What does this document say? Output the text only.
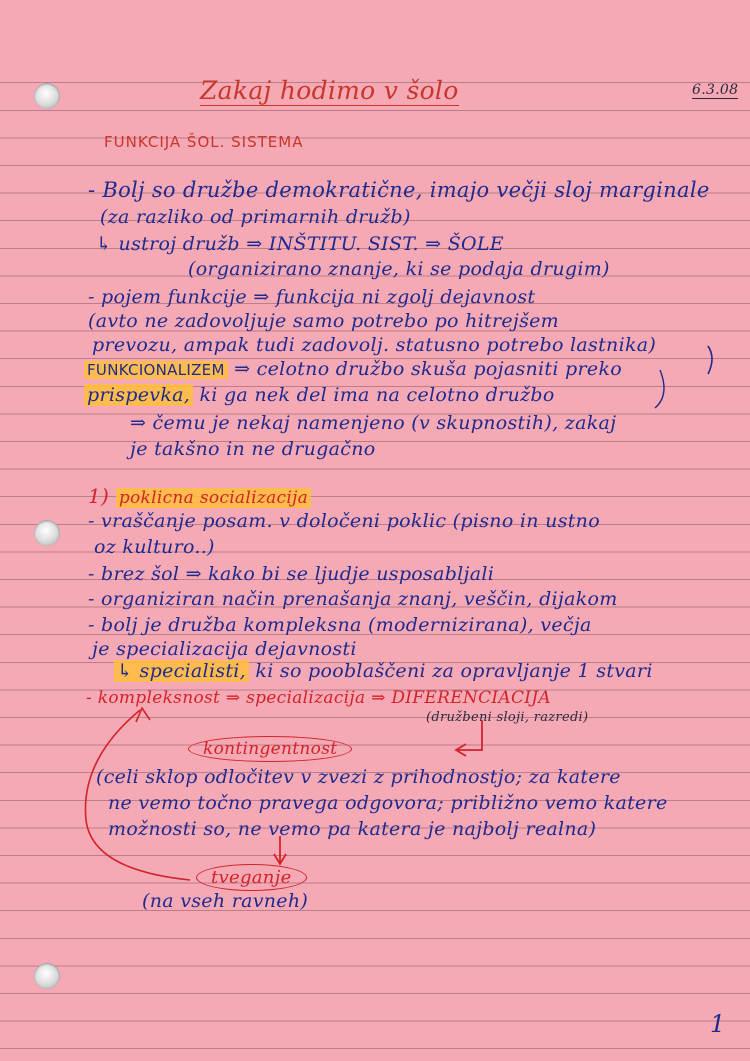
Zakaj hodimo v šolo	6.3.08
FUNKCIJA ŠOL. SISTEMA
- Bolj so družbe demokratične, imajo večji sloj marginale
(za razliko od primarnih družb)
↳ ustroj družb ⇒ INŠTITU. SIST. ⇒ ŠOLE
(organizirano znanje, ki se podaja drugim)
- pojem funkcije ⇒ funkcija ni zgolj dejavnost
(avto ne zadovoljuje samo potrebo po hitrejšem
prevozu, ampak tudi zadovolj. statusno potrebo lastnika)
FUNKCIONALIZEM ⇒ celotno družbo skuša pojasniti preko
prispevka, ki ga nek del ima na celotno družbo
⇒ čemu je nekaj namenjeno (v skupnostih), zakaj
je takšno in ne drugačno
1) poklicna socializacija
- vraščanje posam. v določeni poklic (pisno in ustno
oz kulturo..)
- brez šol ⇒ kako bi se ljudje usposabljali
- organiziran način prenašanja znanj, veščin, dijakom
- bolj je družba kompleksna (modernizirana), večja
je specializacija dejavnosti
↳ specialisti, ki so pooblaščeni za opravljanje 1 stvari
- kompleksnost ⇒ specializacija ⇒ DIFERENCIACIJA
(družbeni sloji, razredi)
kontingentnost
(celi sklop odločitev v zvezi z prihodnostjo; za katere
ne vemo točno pravega odgovora; približno vemo katere
možnosti so, ne vemo pa katera je najbolj realna)
tveganje
(na vseh ravneh)
1
